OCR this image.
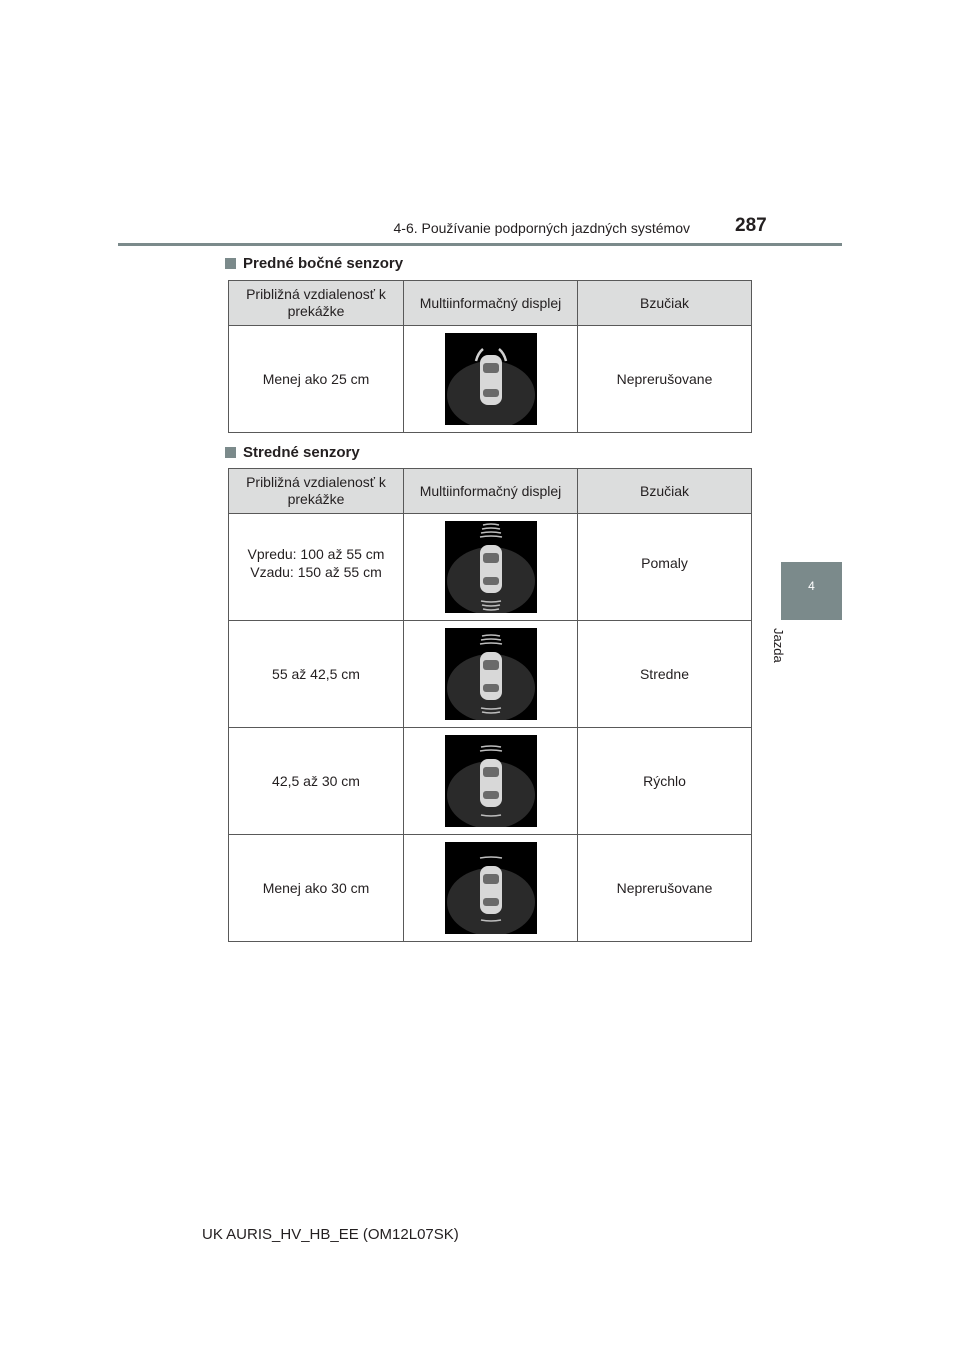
4-6. Používanie podporných jazdných systémov 287
4
Jazda
Predné bočné senzory
Približná vzdialenosť k prekážke	Multiinformačný displej	Bzučiak
Menej ako 25 cm		Neprerušovane
Stredné senzory
Približná vzdialenosť k prekážke	Multiinformačný displej	Bzučiak

Vpredu: 100 až 55 cm
Vzadu: 150 až 55 cm		Pomaly

55 až 42,5 cm		Stredne
42,5 až 30 cm		Rýchlo
Menej ako 30 cm		Neprerušovane
UK AURIS_HV_HB_EE (OM12L07SK)
